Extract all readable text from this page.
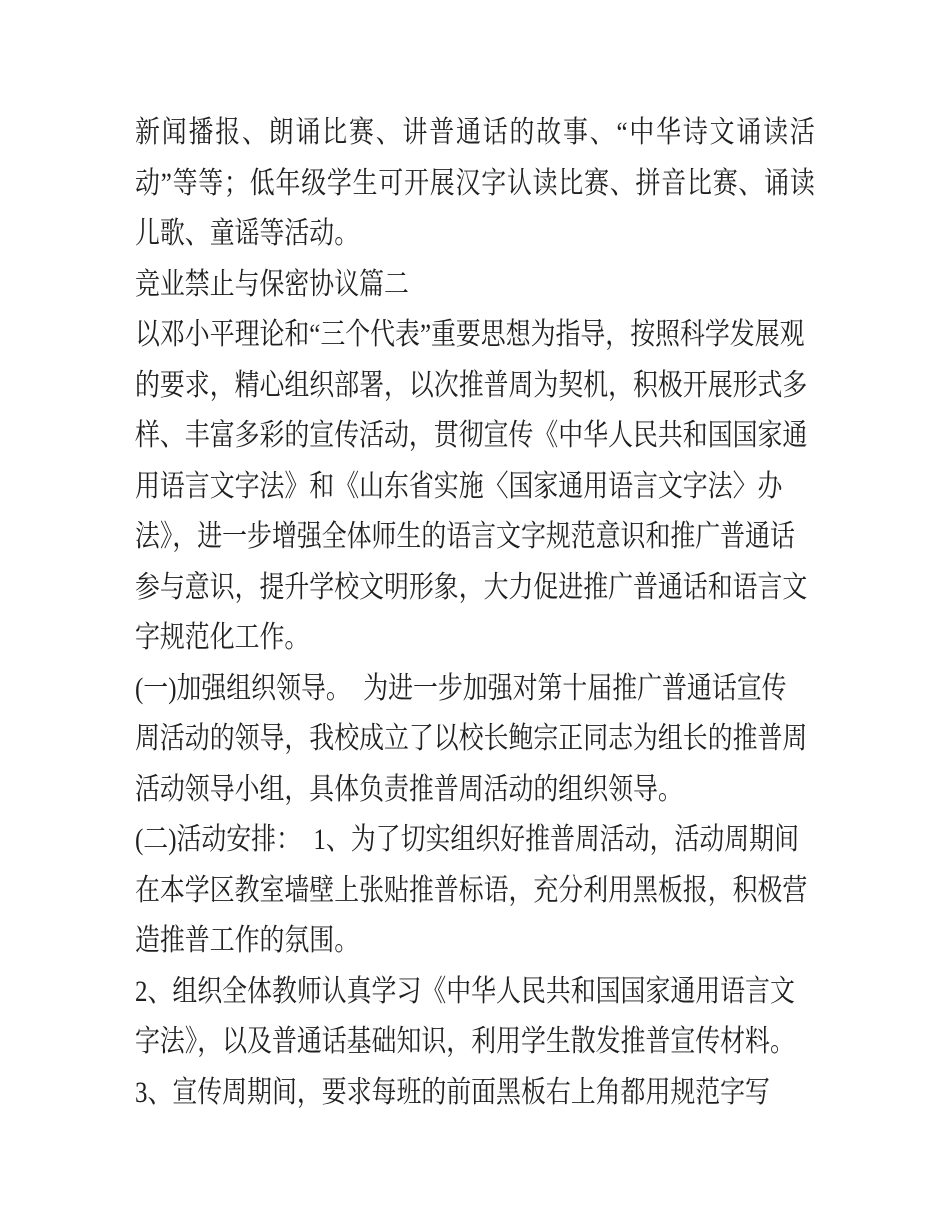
新闻播报、朗诵比赛、讲普通话的故事、“中华诗文诵读活
动”等等；低年级学生可开展汉字认读比赛、拼音比赛、诵读
儿歌、童谣等活动。
竞业禁止与保密协议篇二
以邓小平理论和“三个代表”重要思想为指导，按照科学发展观
的要求，精心组织部署，以次推普周为契机，积极开展形式多
样、丰富多彩的宣传活动，贯彻宣传《中华人民共和国国家通
用语言文字法》和《山东省实施〈国家通用语言文字法〉办
法》，进一步增强全体师生的语言文字规范意识和推广普通话
参与意识，提升学校文明形象，大力促进推广普通话和语言文
字规范化工作。
(一)加强组织领导。　为进一步加强对第十届推广普通话宣传
周活动的领导，我校成立了以校长鲍宗正同志为组长的推普周
活动领导小组，具体负责推普周活动的组织领导。
(二)活动安排：　1、为了切实组织好推普周活动，活动周期间
在本学区教室墙壁上张贴推普标语，充分利用黑板报，积极营
造推普工作的氛围。
2、组织全体教师认真学习《中华人民共和国国家通用语言文
字法》，以及普通话基础知识，利用学生散发推普宣传材料。
3、宣传周期间，要求每班的前面黑板右上角都用规范字写
